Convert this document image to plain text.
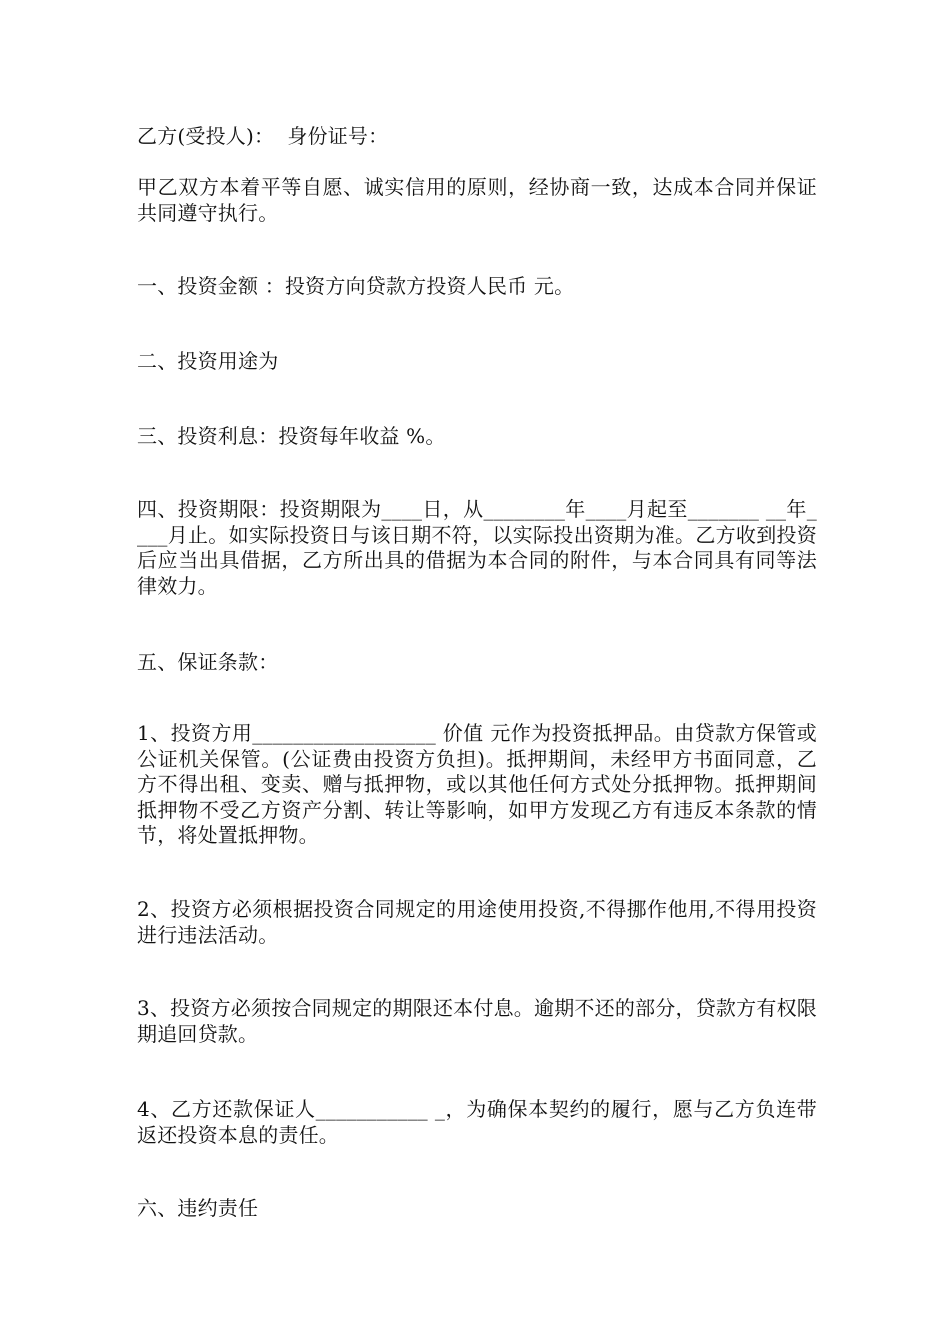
乙方(受投人)：  身份证号：

甲乙双方本着平等自愿、诚实信用的原则，经协商一致，达成本合同并保证共同遵守执行。

一、投资金额 ：投资方向贷款方投资人民币 元。

二、投资用途为

三、投资利息：投资每年收益 %。

四、投资期限：投资期限为____日，从________年____月起至_______ __年____月止。如实际投资日与该日期不符，以实际投出资期为准。乙方收到投资后应当出具借据，乙方所出具的借据为本合同的附件，与本合同具有同等法律效力。

五、保证条款：

1、投资方用__________________ 价值 元作为投资抵押品。由贷款方保管或公证机关保管。(公证费由投资方负担)。抵押期间，未经甲方书面同意，乙方不得出租、变卖、赠与抵押物，或以其他任何方式处分抵押物。抵押期间抵押物不受乙方资产分割、转让等影响，如甲方发现乙方有违反本条款的情节，将处置抵押物。

2、投资方必须根据投资合同规定的用途使用投资,不得挪作他用,不得用投资进行违法活动。

3、投资方必须按合同规定的期限还本付息。逾期不还的部分，贷款方有权限期追回贷款。

4、乙方还款保证人___________ _，为确保本契约的履行，愿与乙方负连带返还投资本息的责任。

六、违约责任
